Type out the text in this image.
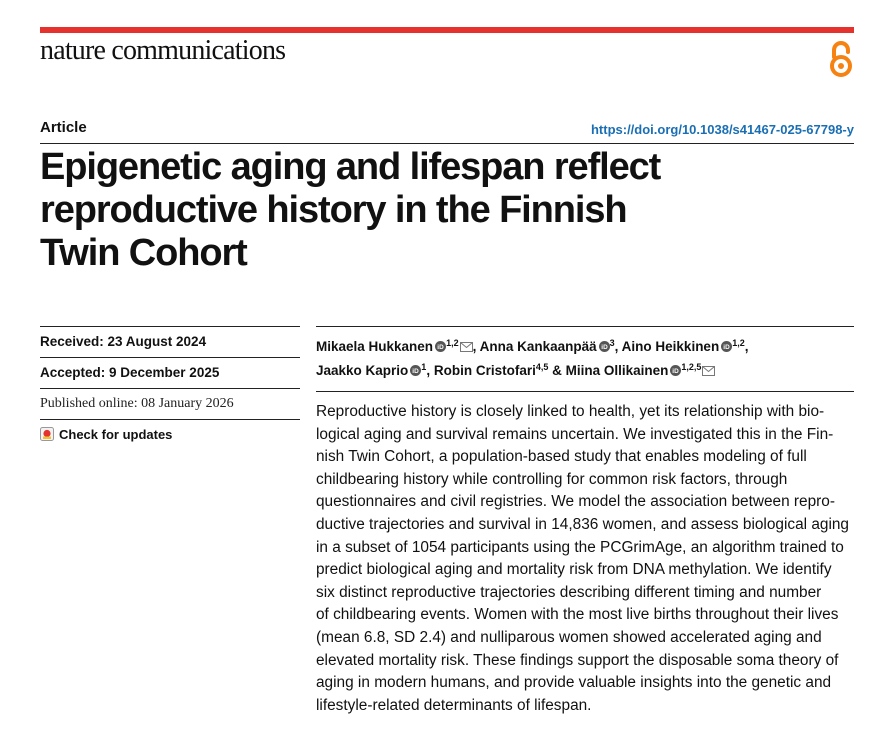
nature communications
Article	https://doi.org/10.1038/s41467-025-67798-y
Epigenetic aging and lifespan reflect
reproductive history in the Finnish
Twin Cohort
Received: 23 August 2024
Accepted: 9 December 2025
Published online: 08 January 2026
Check for updates
Mikaela Hukkanen iD $^{1,2}$ , Anna Kankaanpää iD $^3$, Aino Heikkinen iD $^{1,2}$,
Jaakko Kaprio iD $^1$, Robin Cristofari$^{4,5}$ & Miina Ollikainen iD $^{1,2,5}$

Reproductive history is closely linked to health, yet its relationship with bio-
logical aging and survival remains uncertain. We investigated this in the Fin-
nish Twin Cohort, a population-based study that enables modeling of full
childbearing history while controlling for common risk factors, through
questionnaires and civil registries. We model the association between repro-
ductive trajectories and survival in 14,836 women, and assess biological aging
in a subset of 1054 participants using the PCGrimAge, an algorithm trained to
predict biological aging and mortality risk from DNA methylation. We identify
six distinct reproductive trajectories describing different timing and number
of childbearing events. Women with the most live births throughout their lives
(mean 6.8, SD 2.4) and nulliparous women showed accelerated aging and
elevated mortality risk. These findings support the disposable soma theory of
aging in modern humans, and provide valuable insights into the genetic and
lifestyle-related determinants of lifespan.
